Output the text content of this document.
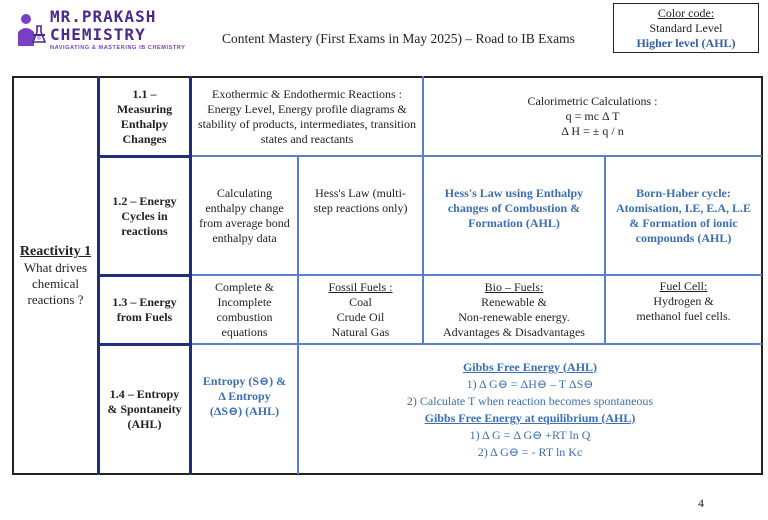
MR.PRAKASH
CHEMISTRY
NAVIGATING & MASTERING IB CHEMISTRY
Content Mastery (First Exams in May 2025) – Road to IB Exams
Color code:
Standard Level
Higher level (AHL)
Reactivity 1
What drives chemical reactions ?
1.1 – Measuring Enthalpy Changes
Exothermic & Endothermic Reactions : Energy Level, Energy profile diagrams & stability of products, intermediates, transition states and reactants
Calorimetric Calculations :
q = mc Δ T
Δ H = ± q / n
1.2 – Energy Cycles in reactions
Calculating enthalpy change from average bond enthalpy data
Hess's Law (multi-step reactions only)
Hess's Law using Enthalpy changes of Combustion & Formation (AHL)
Born-Haber cycle: Atomisation, I.E, E.A, L.E & Formation of ionic compounds (AHL)
1.3 – Energy from Fuels
Complete & Incomplete combustion equations
Fossil Fuels :
Coal
Crude Oil
Natural Gas
Bio – Fuels:
Renewable &
Non-renewable energy.
Advantages & Disadvantages
Fuel Cell:
Hydrogen &
methanol fuel cells.
1.4 – Entropy & Spontaneity (AHL)
Entropy (S⊖) & Δ Entropy (ΔS⊖) (AHL)
Gibbs Free Energy (AHL)
1) Δ G⊖ = ΔH⊖ – T ΔS⊖
2) Calculate T when reaction becomes spontaneous
Gibbs Free Energy at equilibrium (AHL)
1) Δ G = Δ G⊖ +RT ln Q
2) Δ G⊖ = - RT ln Kc
4
